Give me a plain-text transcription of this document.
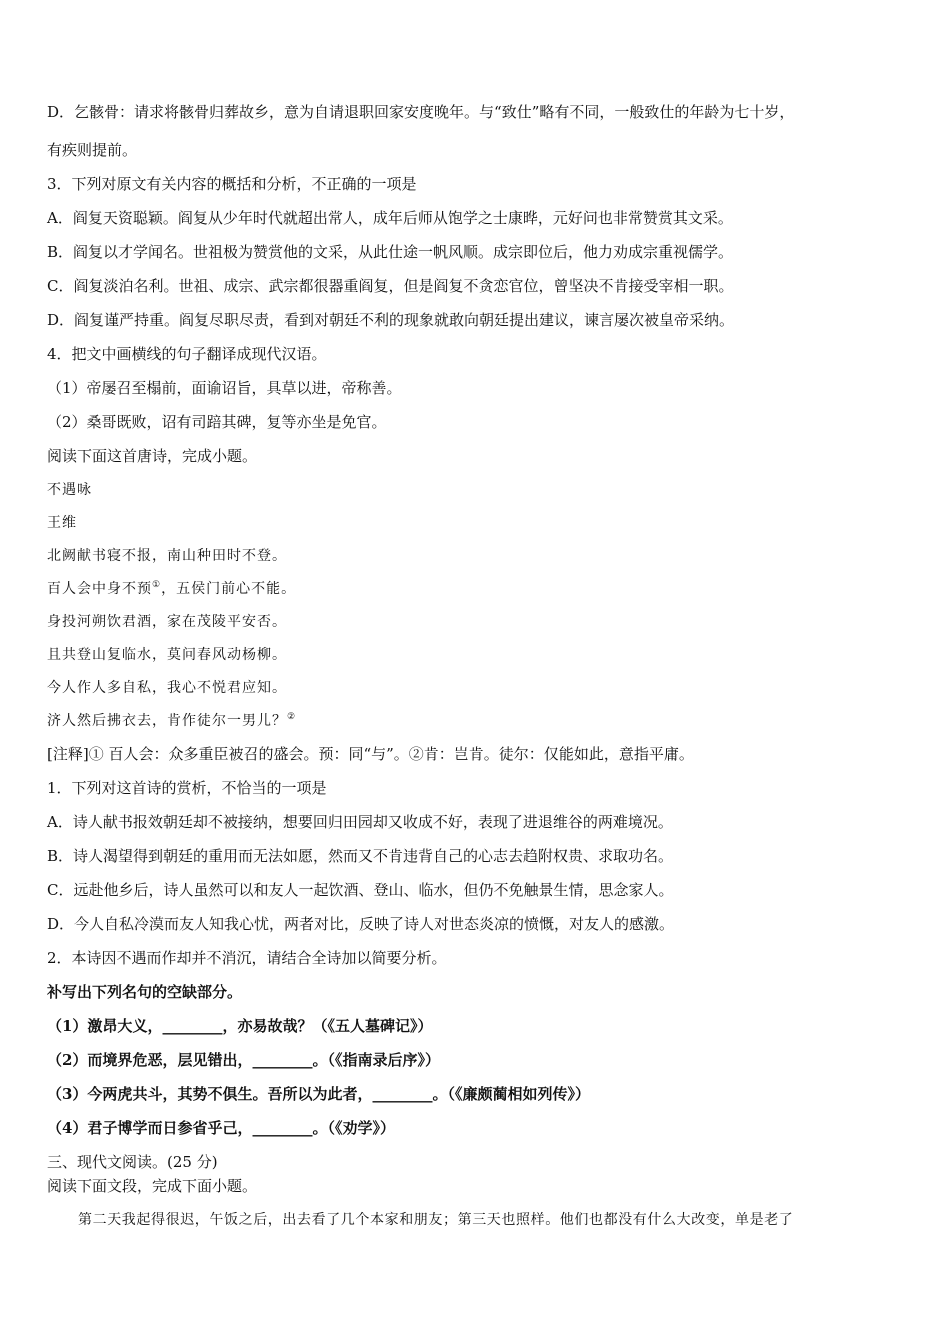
D．乞骸骨：请求将骸骨归葬故乡，意为自请退职回家安度晚年。与“致仕”略有不同，一般致仕的年龄为七十岁，
有疾则提前。
3．下列对原文有关内容的概括和分析，不正确的一项是
A．阎复天资聪颖。阎复从少年时代就超出常人，成年后师从饱学之士康晔，元好问也非常赞赏其文采。
B．阎复以才学闻名。世祖极为赞赏他的文采，从此仕途一帆风顺。成宗即位后，他力劝成宗重视儒学。
C．阎复淡泊名利。世祖、成宗、武宗都很器重阎复，但是阎复不贪恋官位，曾坚决不肯接受宰相一职。
D．阎复谨严持重。阎复尽职尽责，看到对朝廷不利的现象就敢向朝廷提出建议，谏言屡次被皇帝采纳。
4．把文中画横线的句子翻译成现代汉语。
（1）帝屡召至榻前，面谕诏旨，具草以进，帝称善。
（2）桑哥既败，诏有司踣其碑，复等亦坐是免官。
阅读下面这首唐诗，完成小题。
不遇咏
王维
北阙献书寝不报，南山种田时不登。
百人会中身不预①，五侯门前心不能。
身投河朔饮君酒，家在茂陵平安否。
且共登山复临水，莫问春风动杨柳。
今人作人多自私，我心不悦君应知。
济人然后拂衣去，肯作徒尔一男儿？②
[注释]① 百人会：众多重臣被召的盛会。预：同“与”。②肯：岂肯。徒尔：仅能如此，意指平庸。
1．下列对这首诗的赏析，不恰当的一项是
A．诗人献书报效朝廷却不被接纳，想要回归田园却又收成不好，表现了进退维谷的两难境况。
B．诗人渴望得到朝廷的重用而无法如愿，然而又不肯违背自己的心志去趋附权贵、求取功名。
C．远赴他乡后，诗人虽然可以和友人一起饮酒、登山、临水，但仍不免触景生情，思念家人。
D．今人自私冷漠而友人知我心忧，两者对比，反映了诗人对世态炎凉的愤慨，对友人的感激。
2．本诗因不遇而作却并不消沉，请结合全诗加以简要分析。
补写出下列名句的空缺部分。
（1）激昂大义，________，亦易故哉？（《五人墓碑记》）
（2）而境界危恶，层见错出，________。（《指南录后序》）
（3）今两虎共斗，其势不俱生。吾所以为此者，________。（《廉颇蔺相如列传》）
（4）君子博学而日参省乎己，________。（《劝学》）
三、现代文阅读。(25 分)
阅读下面文段，完成下面小题。
第二天我起得很迟，午饭之后，出去看了几个本家和朋友；第三天也照样。他们也都没有什么大改变，单是老了
